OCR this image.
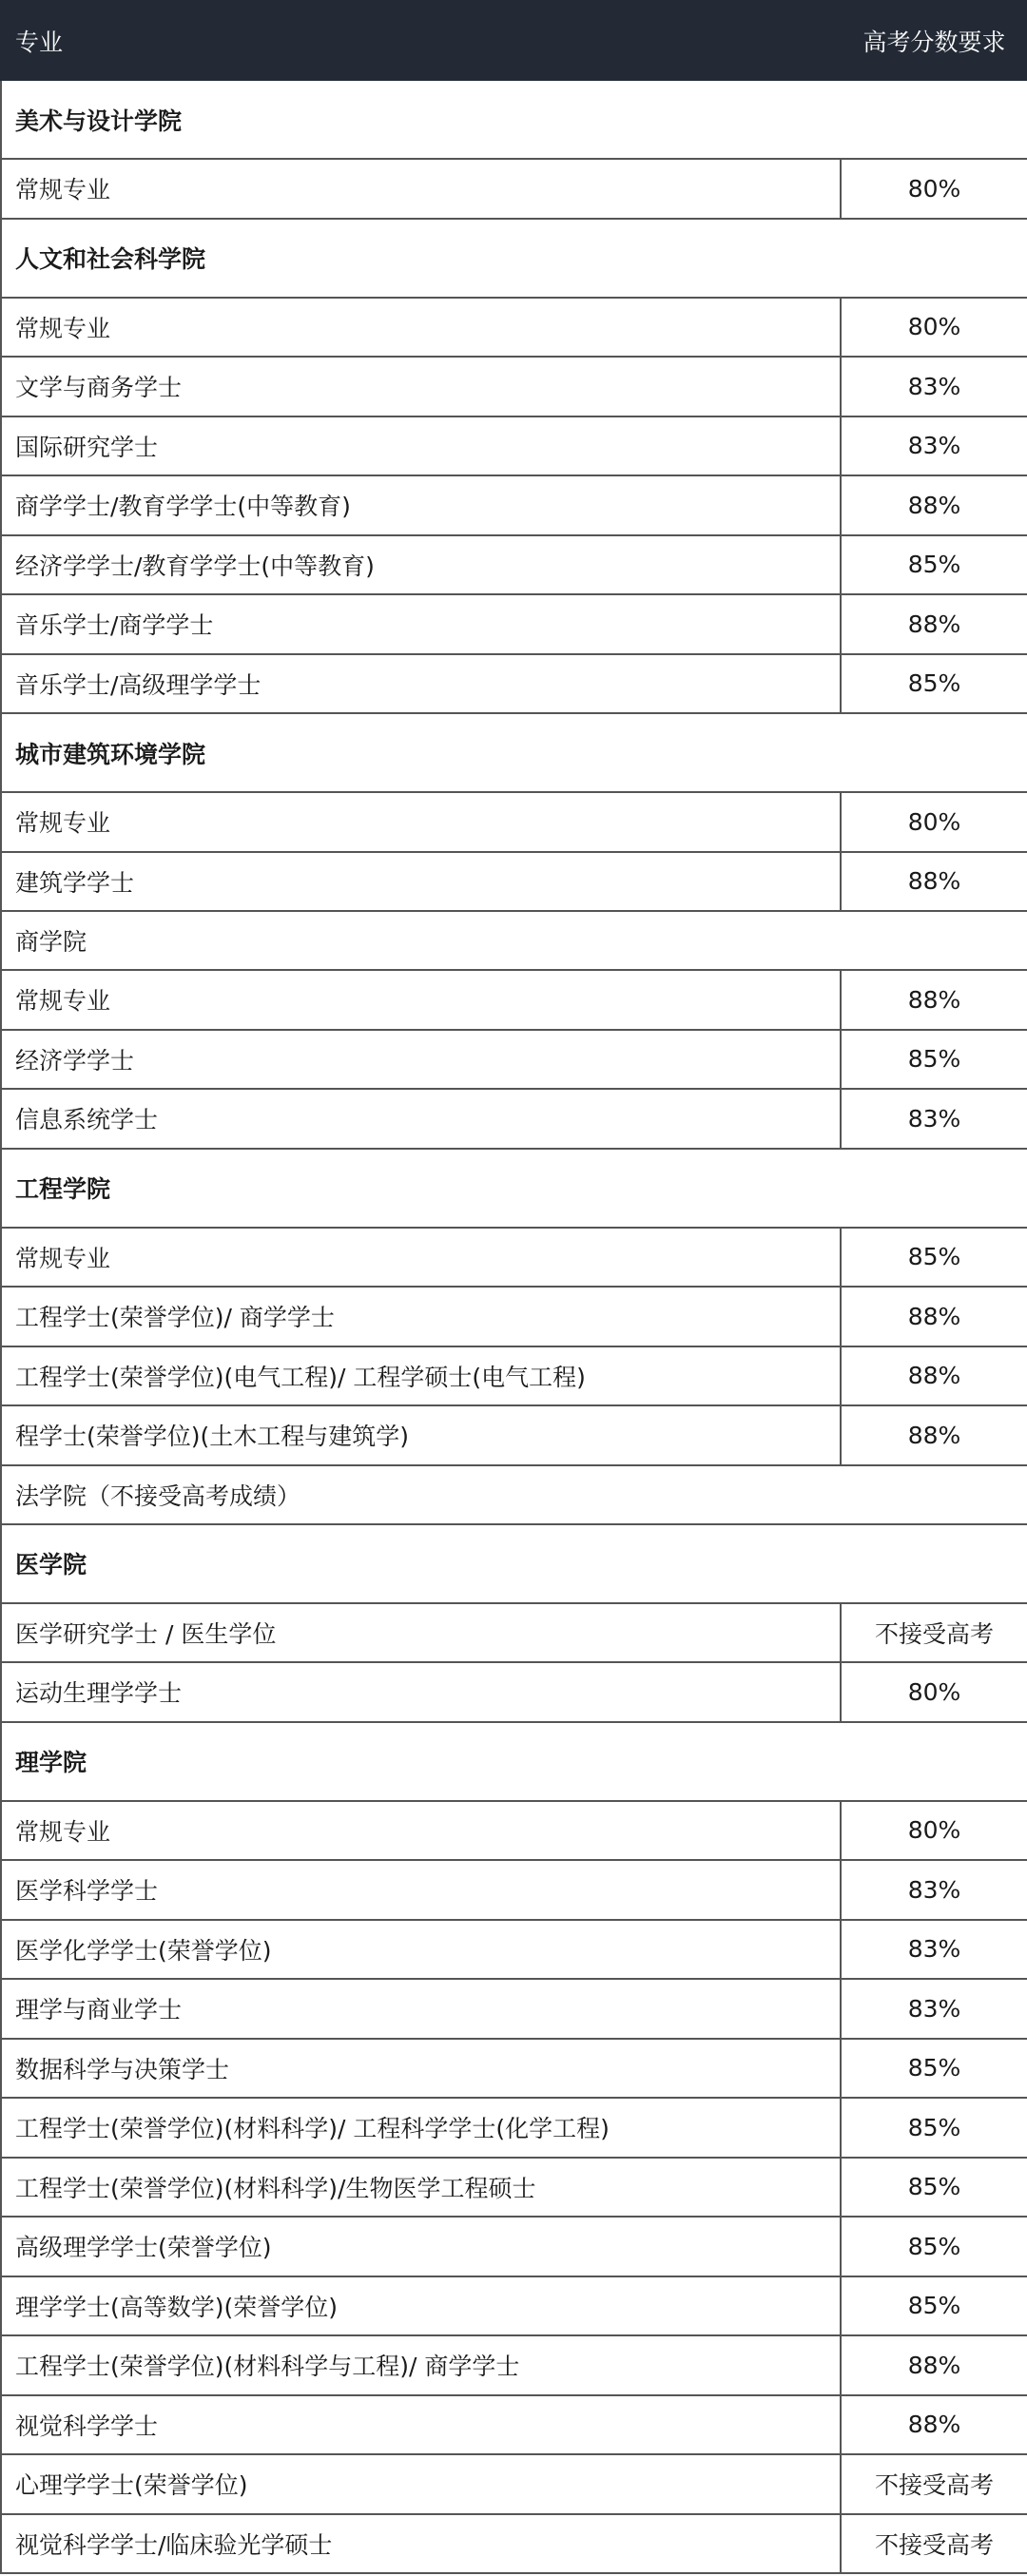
专业	高考分数要求
美术与设计学院	
常规专业	80%
人文和社会科学院	
常规专业	80%
文学与商务学士	83%
国际研究学士	83%
商学学士/教育学学士(中等教育)	88%
经济学学士/教育学学士(中等教育)	85%
音乐学士/商学学士	88%
音乐学士/高级理学学士	85%
城市建筑环境学院	
常规专业	80%
建筑学学士	88%
商学院	
常规专业	88%
经济学学士	85%
信息系统学士	83%
工程学院	
常规专业	85%
工程学士(荣誉学位)/ 商学学士	88%
工程学士(荣誉学位)(电气工程)/ 工程学硕士(电气工程)	88%
程学士(荣誉学位)(土木工程与建筑学)	88%
法学院（不接受高考成绩）	
医学院	
医学研究学士 / 医生学位	不接受高考
运动生理学学士	80%
理学院	
常规专业	80%
医学科学学士	83%
医学化学学士(荣誉学位)	83%
理学与商业学士	83%
数据科学与决策学士	85%
工程学士(荣誉学位)(材料科学)/ 工程科学学士(化学工程)	85%
工程学士(荣誉学位)(材料科学)/生物医学工程硕士	85%
高级理学学士(荣誉学位)	85%
理学学士(高等数学)(荣誉学位)	85%
工程学士(荣誉学位)(材料科学与工程)/ 商学学士	88%
视觉科学学士	88%
心理学学士(荣誉学位)	不接受高考
视觉科学学士/临床验光学硕士	不接受高考
